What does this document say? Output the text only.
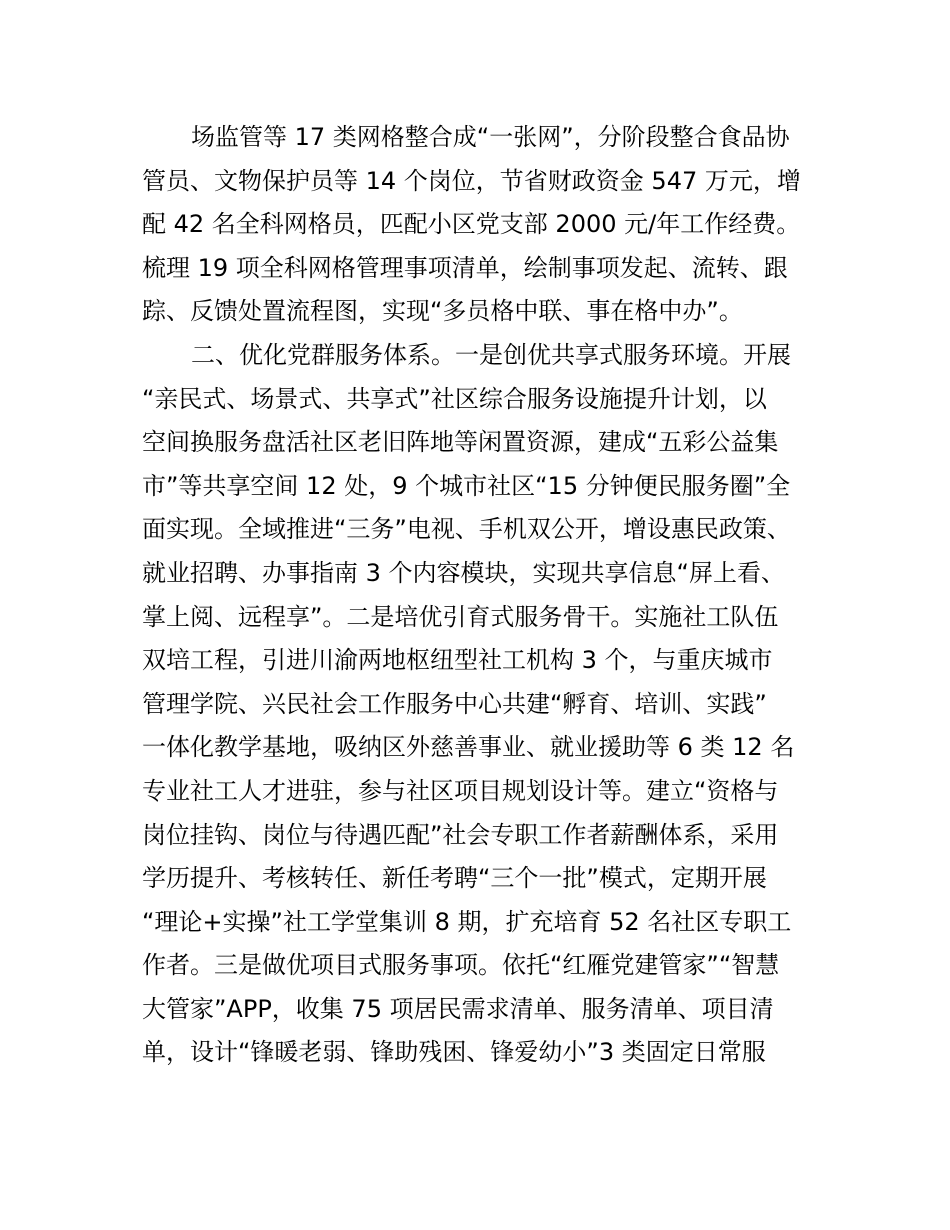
场监管等 17 类网格整合成“一张网”，分阶段整合食品协
管员、文物保护员等 14 个岗位，节省财政资金 547 万元，增
配 42 名全科网格员，匹配小区党支部 2000 元/年工作经费。
梳理 19 项全科网格管理事项清单，绘制事项发起、流转、跟
踪、反馈处置流程图，实现“多员格中联、事在格中办”。
二、优化党群服务体系。一是创优共享式服务环境。开展
“亲民式、场景式、共享式”社区综合服务设施提升计划，以
空间换服务盘活社区老旧阵地等闲置资源，建成“五彩公益集
市”等共享空间 12 处，9 个城市社区“15 分钟便民服务圈”全
面实现。全域推进“三务”电视、手机双公开，增设惠民政策、
就业招聘、办事指南 3 个内容模块，实现共享信息“屏上看、
掌上阅、远程享”。二是培优引育式服务骨干。实施社工队伍
双培工程，引进川渝两地枢纽型社工机构 3 个，与重庆城市
管理学院、兴民社会工作服务中心共建“孵育、培训、实践”
一体化教学基地，吸纳区外慈善事业、就业援助等 6 类 12 名
专业社工人才进驻，参与社区项目规划设计等。建立“资格与
岗位挂钩、岗位与待遇匹配”社会专职工作者薪酬体系，采用
学历提升、考核转任、新任考聘“三个一批”模式，定期开展
“理论+实操”社工学堂集训 8 期，扩充培育 52 名社区专职工
作者。三是做优项目式服务事项。依托“红雁党建管家”“智慧
大管家”APP，收集 75 项居民需求清单、服务清单、项目清
单，设计“锋暖老弱、锋助残困、锋爱幼小”3 类固定日常服
